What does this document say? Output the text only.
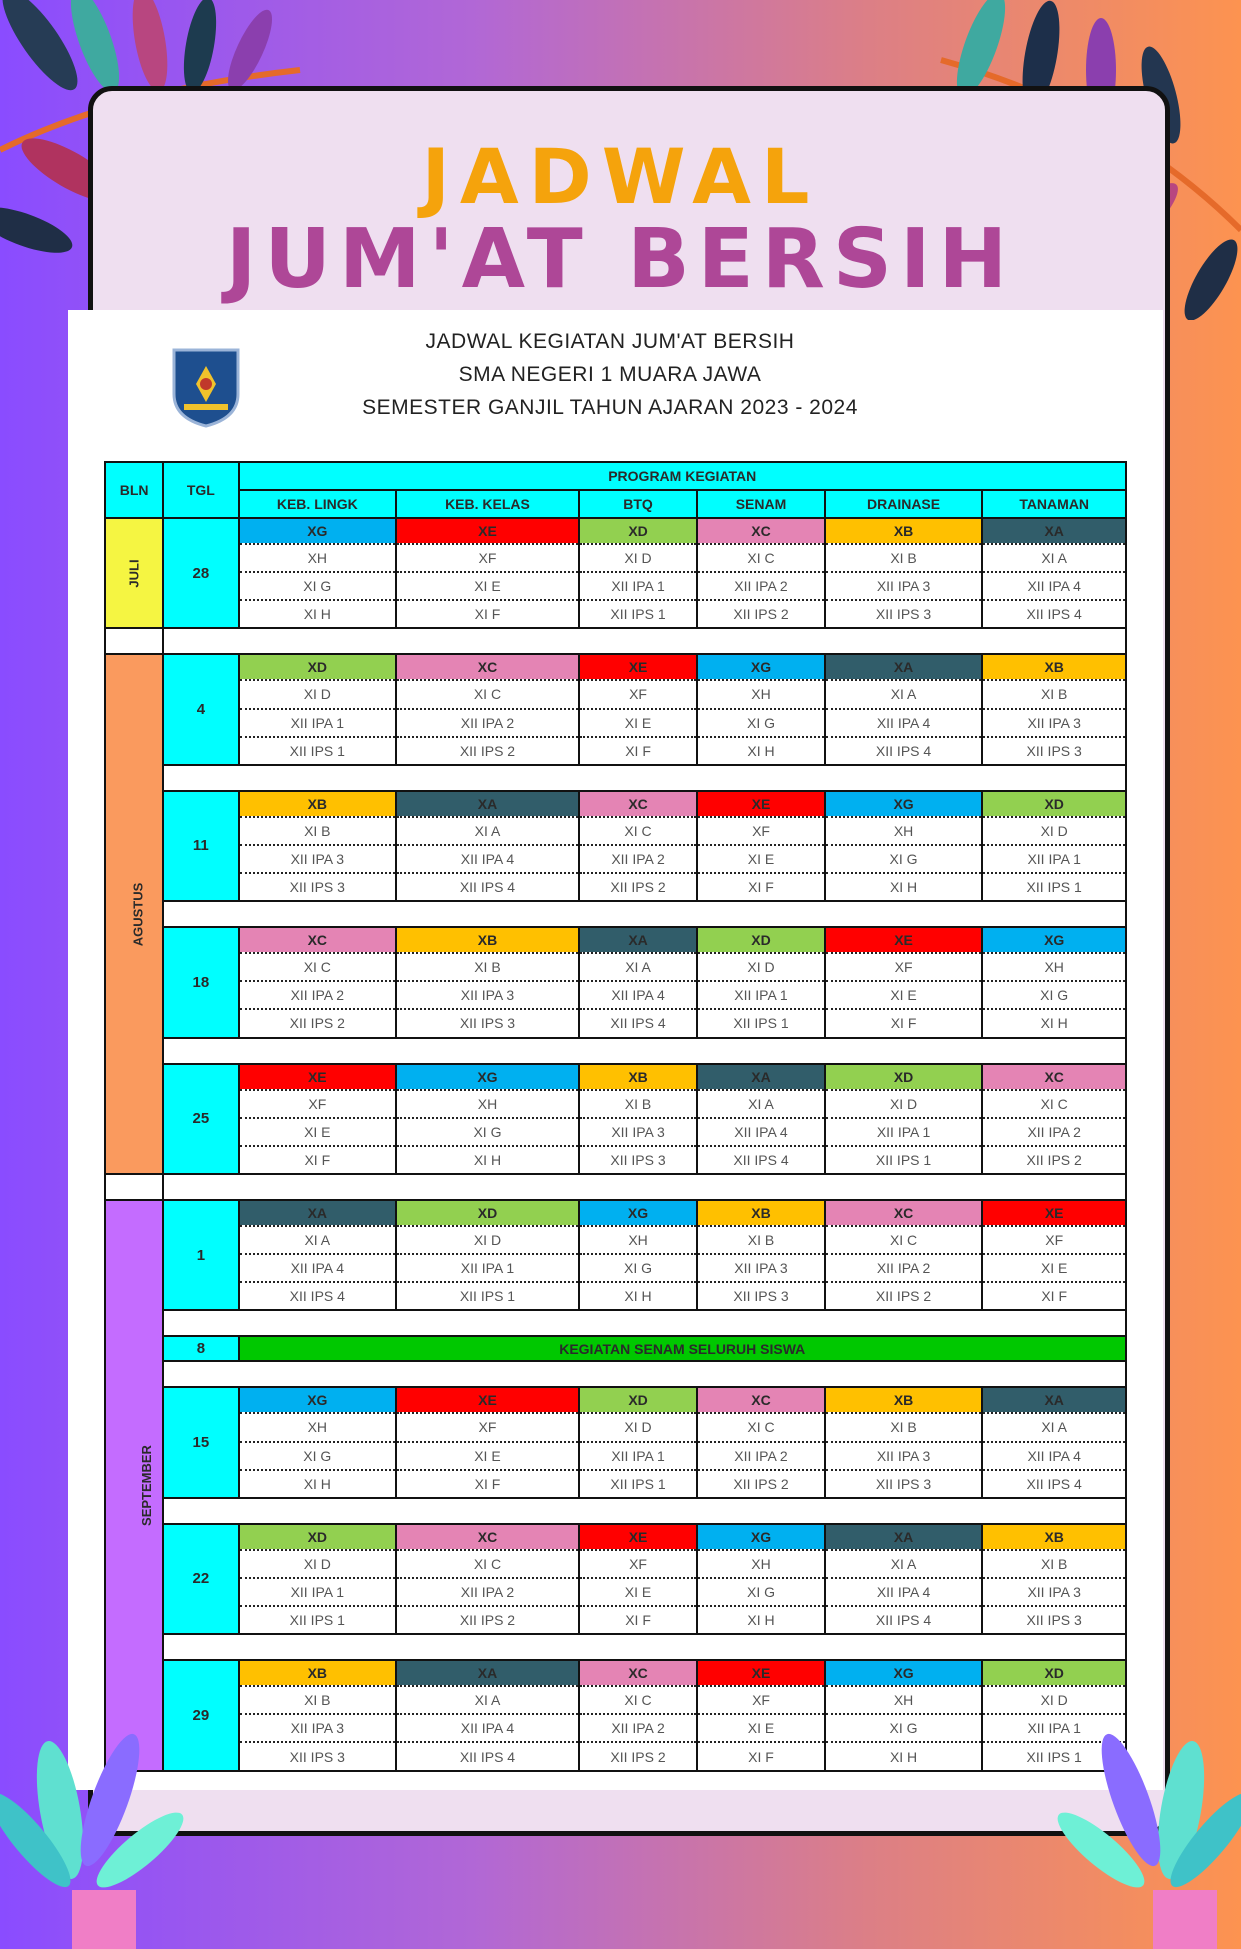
JADWAL
JUM'AT BERSIH
JADWAL KEGIATAN JUM'AT BERSIH
SMA NEGERI 1 MUARA JAWA
SEMESTER GANJIL TAHUN AJARAN 2023 - 2024
BLN	TGL	PROGRAM KEGIATAN					
		KEB. LINGK	KEB. KELAS	BTQ	SENAM	DRAINASE	TANAMAN
JULI	28	XG	XE	XD	XC	XB	XA
		XH	XF	XI D	XI C	XI B	XI A
		XI G	XI E	XII IPA 1	XII IPA 2	XII IPA 3	XII IPA 4
		XI H	XI F	XII IPS 1	XII IPS 2	XII IPS 3	XII IPS 4

AGUSTUS	4	XD	XC	XE	XG	XA	XB
		XI D	XI C	XF	XH	XI A	XI B
		XII IPA 1	XII IPA 2	XI E	XI G	XII IPA 4	XII IPA 3
		XII IPS 1	XII IPS 2	XI F	XI H	XII IPS 4	XII IPS 3

	11	XB	XA	XC	XE	XG	XD
		XI B	XI A	XI C	XF	XH	XI D
		XII IPA 3	XII IPA 4	XII IPA 2	XI E	XI G	XII IPA 1
		XII IPS 3	XII IPS 4	XII IPS 2	XI F	XI H	XII IPS 1

	18	XC	XB	XA	XD	XE	XG
		XI C	XI B	XI A	XI D	XF	XH
		XII IPA 2	XII IPA 3	XII IPA 4	XII IPA 1	XI E	XI G
		XII IPS 2	XII IPS 3	XII IPS 4	XII IPS 1	XI F	XI H

	25	XE	XG	XB	XA	XD	XC
		XF	XH	XI B	XI A	XI D	XI C
		XI E	XI G	XII IPA 3	XII IPA 4	XII IPA 1	XII IPA 2
		XI F	XI H	XII IPS 3	XII IPS 4	XII IPS 1	XII IPS 2

SEPTEMBER	1	XA	XD	XG	XB	XC	XE
		XI A	XI D	XH	XI B	XI C	XF
		XII IPA 4	XII IPA 1	XI G	XII IPA 3	XII IPA 2	XI E
		XII IPS 4	XII IPS 1	XI H	XII IPS 3	XII IPS 2	XI F

	8	KEGIATAN SENAM SELURUH SISWA					

	15	XG	XE	XD	XC	XB	XA
		XH	XF	XI D	XI C	XI B	XI A
		XI G	XI E	XII IPA 1	XII IPA 2	XII IPA 3	XII IPA 4
		XI H	XI F	XII IPS 1	XII IPS 2	XII IPS 3	XII IPS 4

	22	XD	XC	XE	XG	XA	XB
		XI D	XI C	XF	XH	XI A	XI B
		XII IPA 1	XII IPA 2	XI E	XI G	XII IPA 4	XII IPA 3
		XII IPS 1	XII IPS 2	XI F	XI H	XII IPS 4	XII IPS 3

	29	XB	XA	XC	XE	XG	XD
		XI B	XI A	XI C	XF	XH	XI D
		XII IPA 3	XII IPA 4	XII IPA 2	XI E	XI G	XII IPA 1
		XII IPS 3	XII IPS 4	XII IPS 2	XI F	XI H	XII IPS 1
